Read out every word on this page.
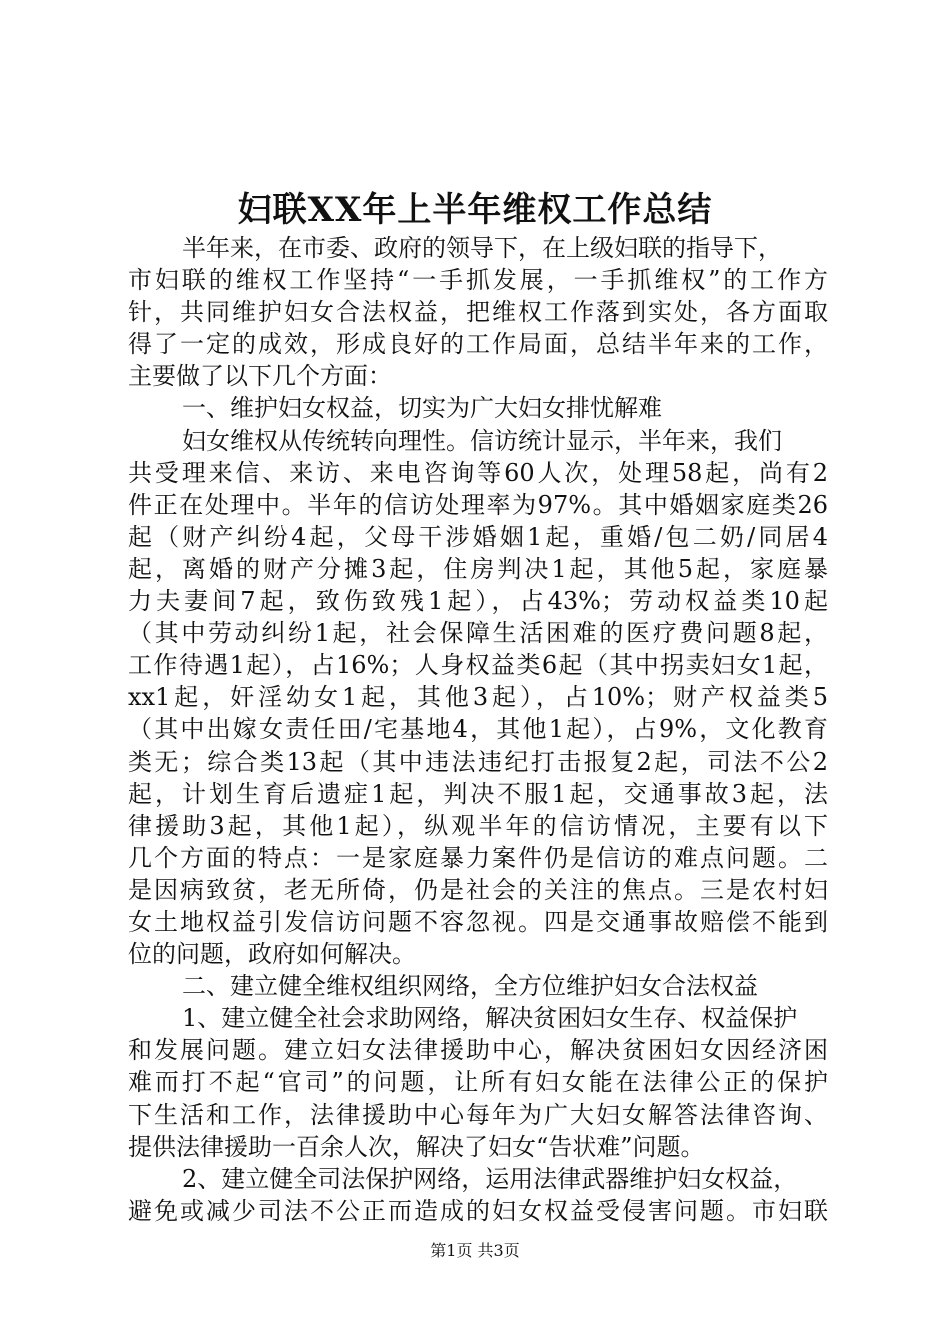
妇联XX年上半年维权工作总结
半年来，在市委、政府的领导下，在上级妇联的指导下，
市妇联的维权工作坚持“一手抓发展，一手抓维权”的工作方
针，共同维护妇女合法权益，把维权工作落到实处，各方面取
得了一定的成效，形成良好的工作局面，总结半年来的工作，
主要做了以下几个方面：
一、维护妇女权益，切实为广大妇女排忧解难
妇女维权从传统转向理性。信访统计显示，半年来，我们
共受理来信、来访、来电咨询等60人次，处理58起，尚有2
件正在处理中。半年的信访处理率为97%。其中婚姻家庭类26
起（财产纠纷4起，父母干涉婚姻1起，重婚/包二奶/同居4
起，离婚的财产分摊3起，住房判决1起，其他5起，家庭暴
力夫妻间7起，致伤致残1起），占43%；劳动权益类10起
（其中劳动纠纷1起，社会保障生活困难的医疗费问题8起，
工作待遇1起），占16%；人身权益类6起（其中拐卖妇女1起，
xx1起，奸淫幼女1起，其他3起），占10%；财产权益类5
（其中出嫁女责任田/宅基地4，其他1起），占9%，文化教育
类无；综合类13起（其中违法违纪打击报复2起，司法不公2
起，计划生育后遗症1起，判决不服1起，交通事故3起，法
律援助3起，其他1起），纵观半年的信访情况，主要有以下
几个方面的特点：一是家庭暴力案件仍是信访的难点问题。二
是因病致贫，老无所倚，仍是社会的关注的焦点。三是农村妇
女土地权益引发信访问题不容忽视。四是交通事故赔偿不能到
位的问题，政府如何解决。
二、建立健全维权组织网络，全方位维护妇女合法权益
1、建立健全社会求助网络，解决贫困妇女生存、权益保护
和发展问题。建立妇女法律援助中心，解决贫困妇女因经济困
难而打不起“官司”的问题，让所有妇女能在法律公正的保护
下生活和工作，法律援助中心每年为广大妇女解答法律咨询、
提供法律援助一百余人次，解决了妇女“告状难”问题。
2、建立健全司法保护网络，运用法律武器维护妇女权益，
避免或减少司法不公正而造成的妇女权益受侵害问题。市妇联
第1页 共3页
